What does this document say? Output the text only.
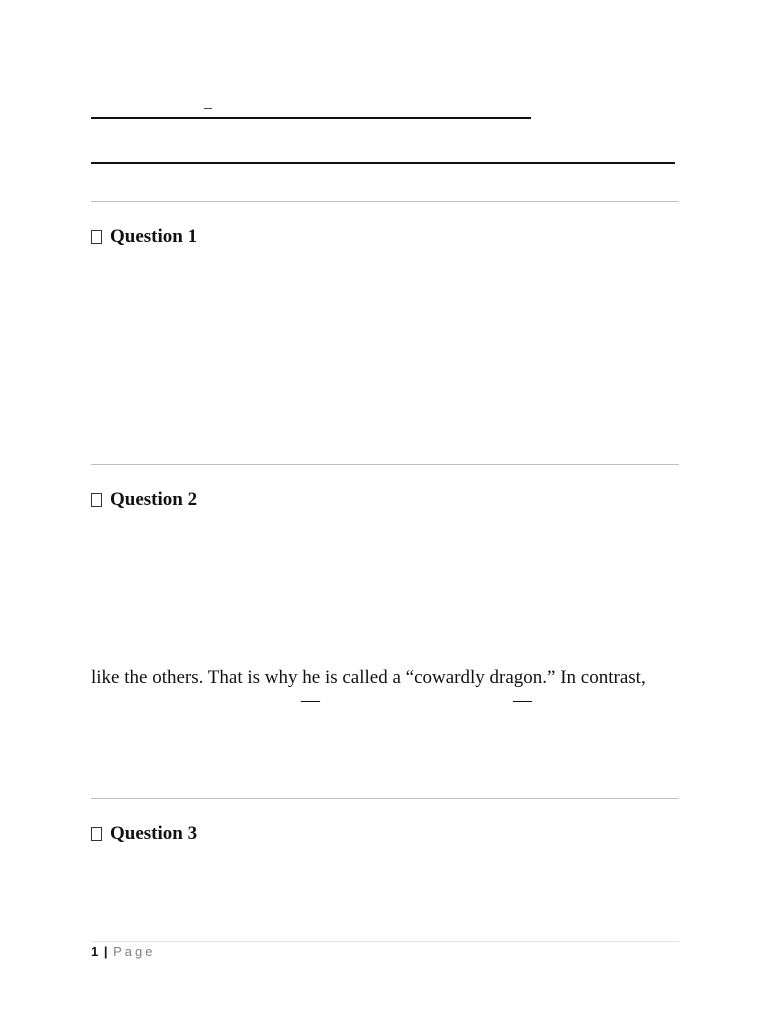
_
Question 1
Question 2
like the others. That is why he is called a “cowardly dragon.” In contrast,
—	—
Question 3
1 | Page
